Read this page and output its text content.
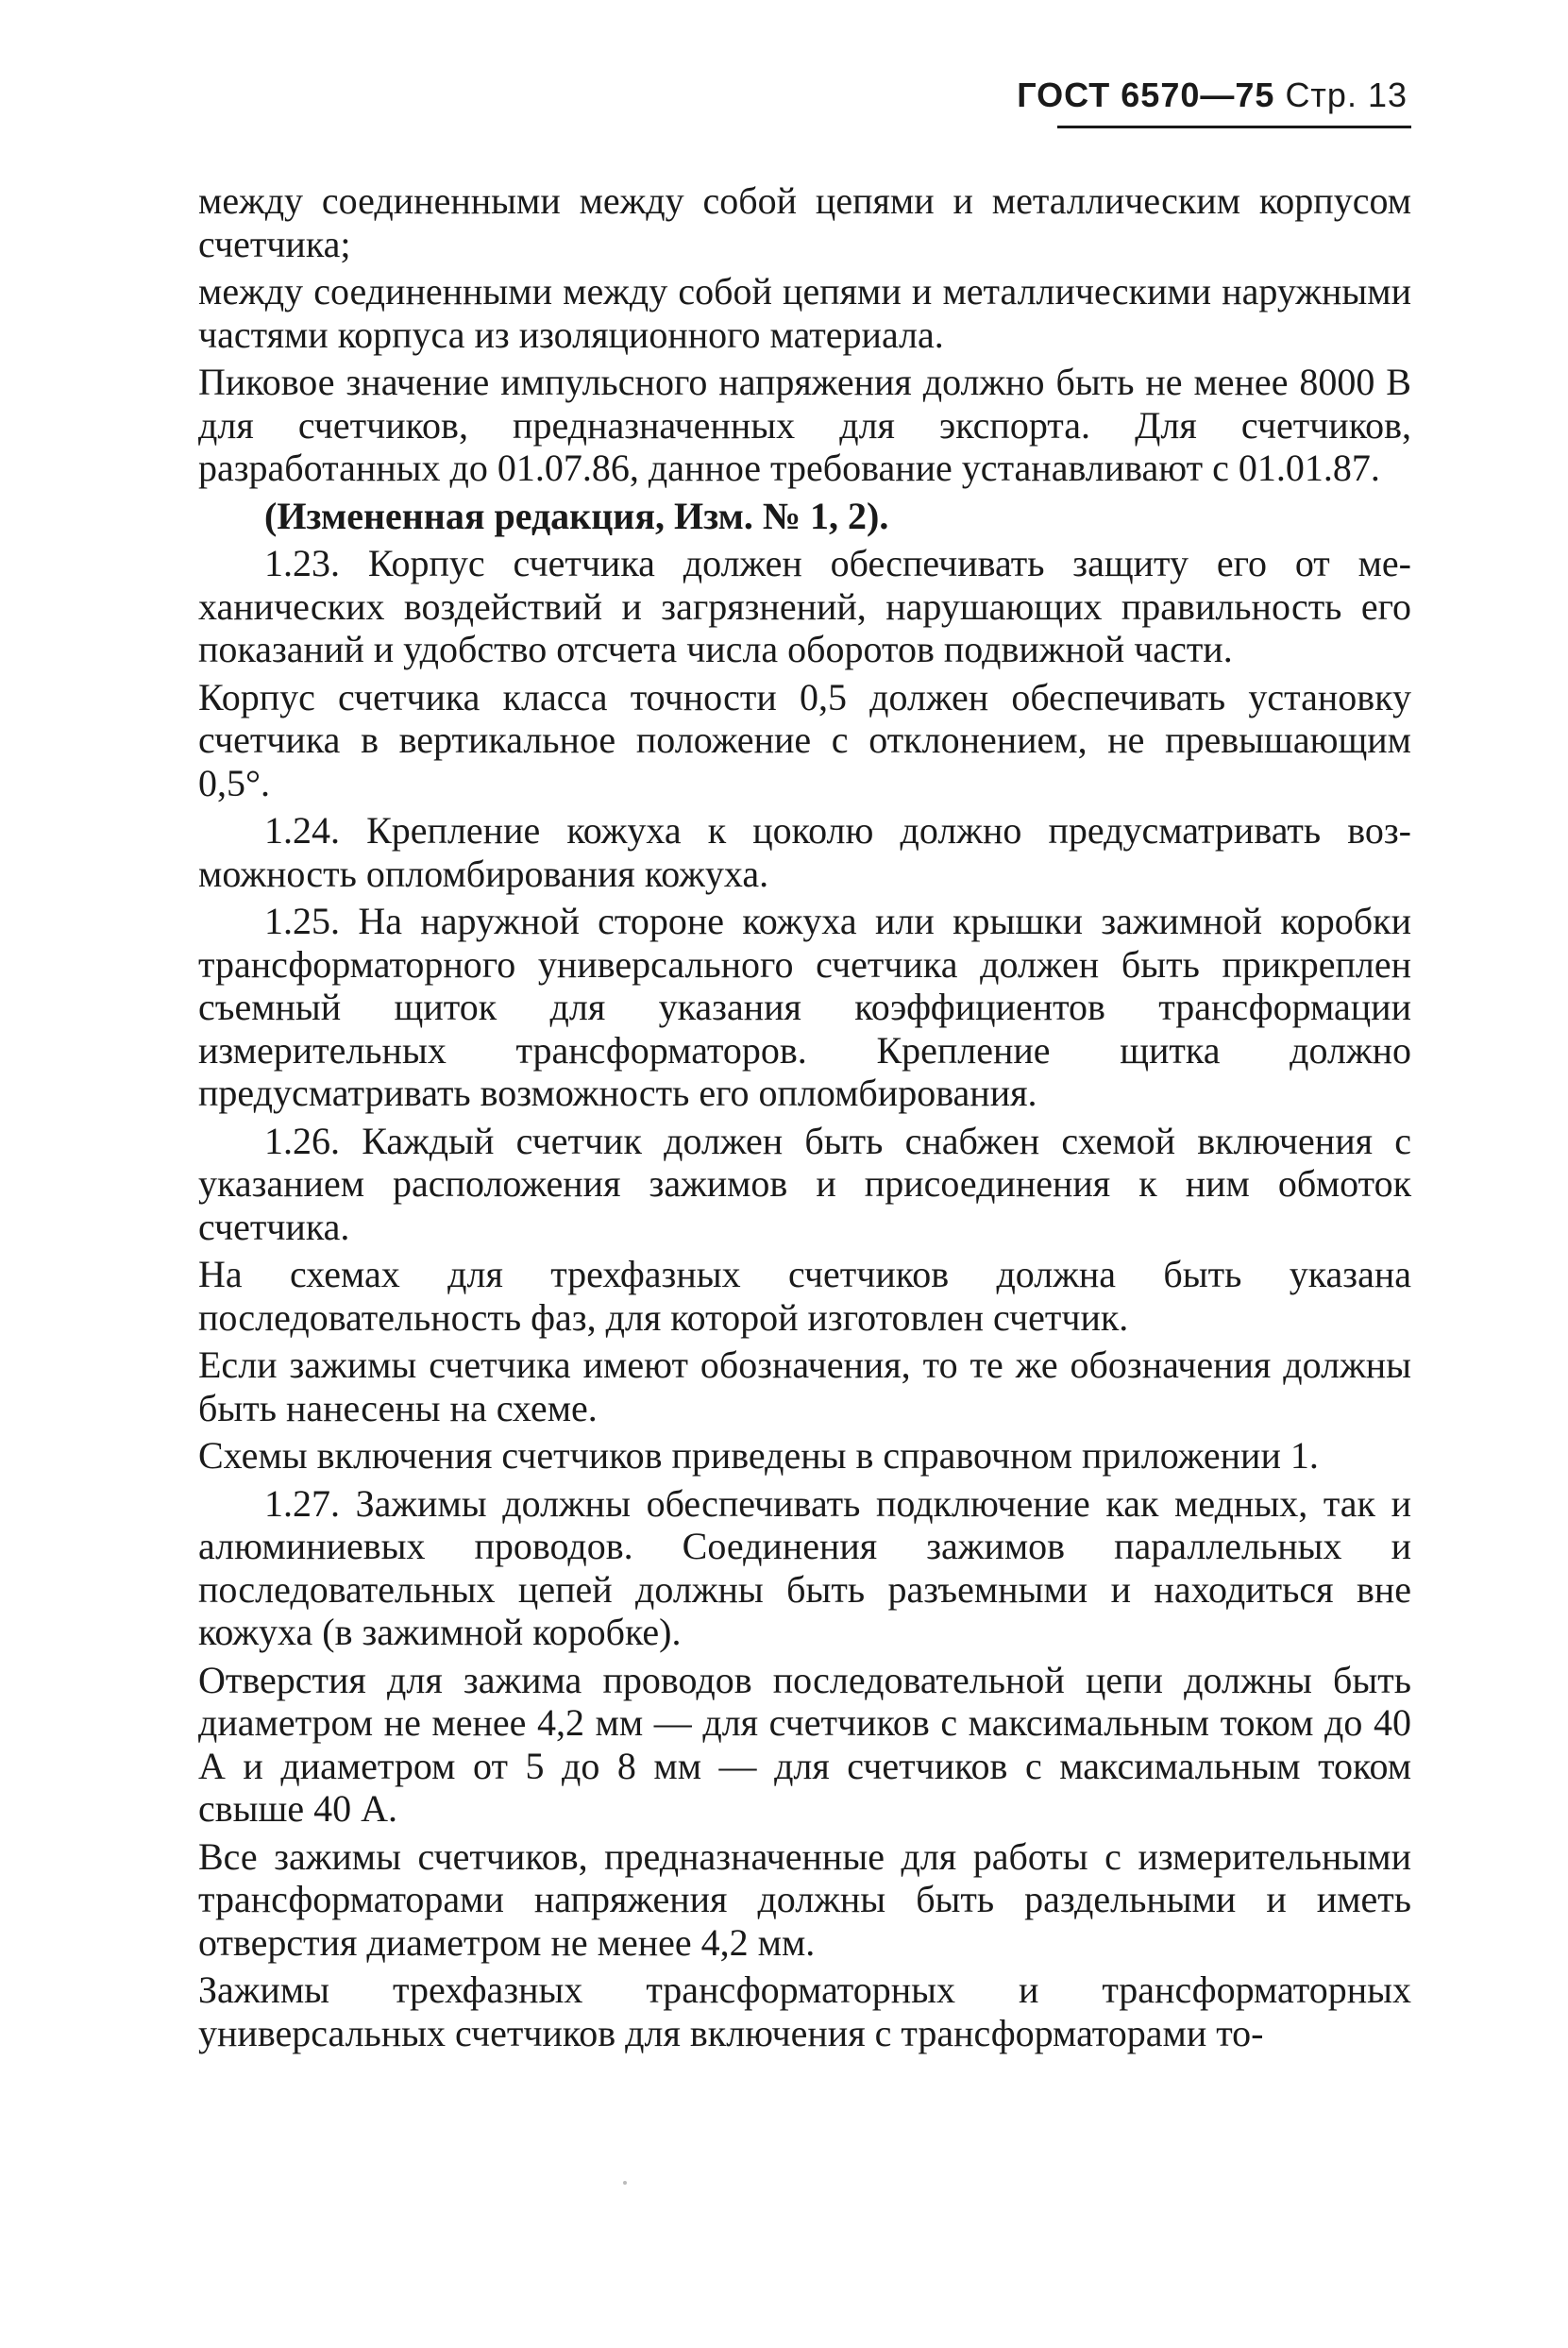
ГОСТ 6570—75 Стр. 13

между соединенными между собой цепями и металлическим корпусом счетчика;

между соединенными между собой цепями и металлическими наружными частями корпуса из изоляционного материала.

Пиковое значение импульсного напряжения должно быть не менее 8000 В для счетчиков, предназначенных для экспорта. Для счетчиков, разработанных до 01.07.86, данное требование устанавливают с 01.01.87.

(Измененная редакция, Изм. № 1, 2).

1.23. Корпус счетчика должен обеспечивать защиту его от механических воздействий и загрязнений, нарушающих правильность его показаний и удобство отсчета числа оборотов подвижной части.

Корпус счетчика класса точности 0,5 должен обеспечивать установку счетчика в вертикальное положение с отклонением, не превышающим 0,5°.

1.24. Крепление кожуха к цоколю должно предусматривать возможность опломбирования кожуха.

1.25. На наружной стороне кожуха или крышки зажимной коробки трансформаторного универсального счетчика должен быть прикреплен съемный щиток для указания коэффициентов трансформации измерительных трансформаторов. Крепление щитка должно предусматривать возможность его опломбирования.

1.26. Каждый счетчик должен быть снабжен схемой включения с указанием расположения зажимов и присоединения к ним обмоток счетчика.

На схемах для трехфазных счетчиков должна быть указана последовательность фаз, для которой изготовлен счетчик.

Если зажимы счетчика имеют обозначения, то те же обозначения должны быть нанесены на схеме.

Схемы включения счетчиков приведены в справочном приложении 1.

1.27. Зажимы должны обеспечивать подключение как медных, так и алюминиевых проводов. Соединения зажимов параллельных и последовательных цепей должны быть разъемными и находиться вне кожуха (в зажимной коробке).

Отверстия для зажима проводов последовательной цепи должны быть диаметром не менее 4,2 мм — для счетчиков с максимальным током до 40 А и диаметром от 5 до 8 мм — для счетчиков с максимальным током свыше 40 А.

Все зажимы счетчиков, предназначенные для работы с измерительными трансформаторами напряжения должны быть раздельными и иметь отверстия диаметром не менее 4,2 мм.

Зажимы трехфазных трансформаторных и трансформаторных универсальных счетчиков для включения с трансформаторами то-
